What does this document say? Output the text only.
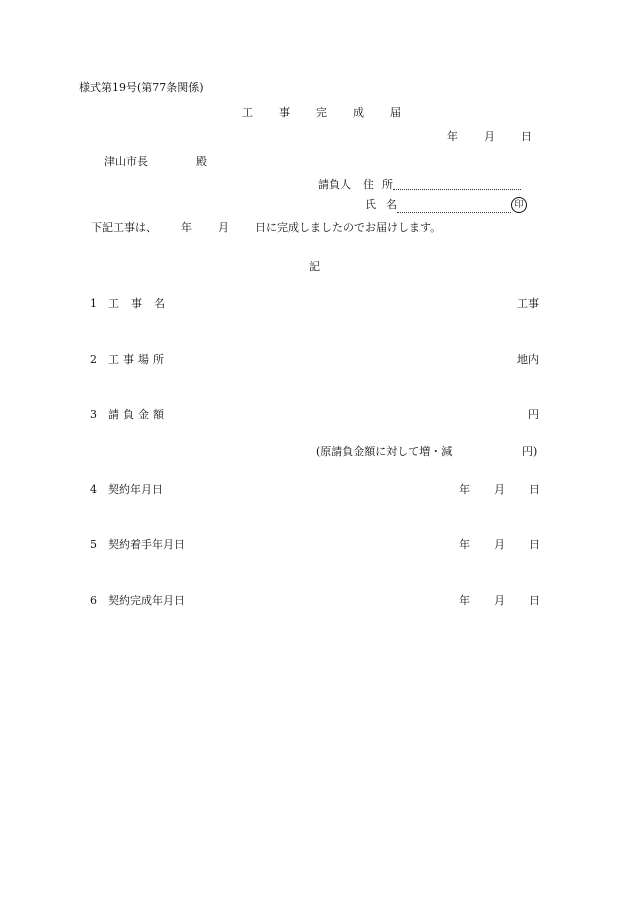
様式第19号(第77条関係)
工 事 完 成 届
年 月 日
津山市長	殿
請負人 住 所
氏 名	印
下記工事は、 年 月 日に完成しましたのでお届けします。
記
1 工 事 名	工事
2 工 事 場 所	地内
3 請 負 金 額	円
(原請負金額に対して増・減	円)
4 契約年月日	年 月 日
5 契約着手年月日	年 月 日
6 契約完成年月日	年 月 日
